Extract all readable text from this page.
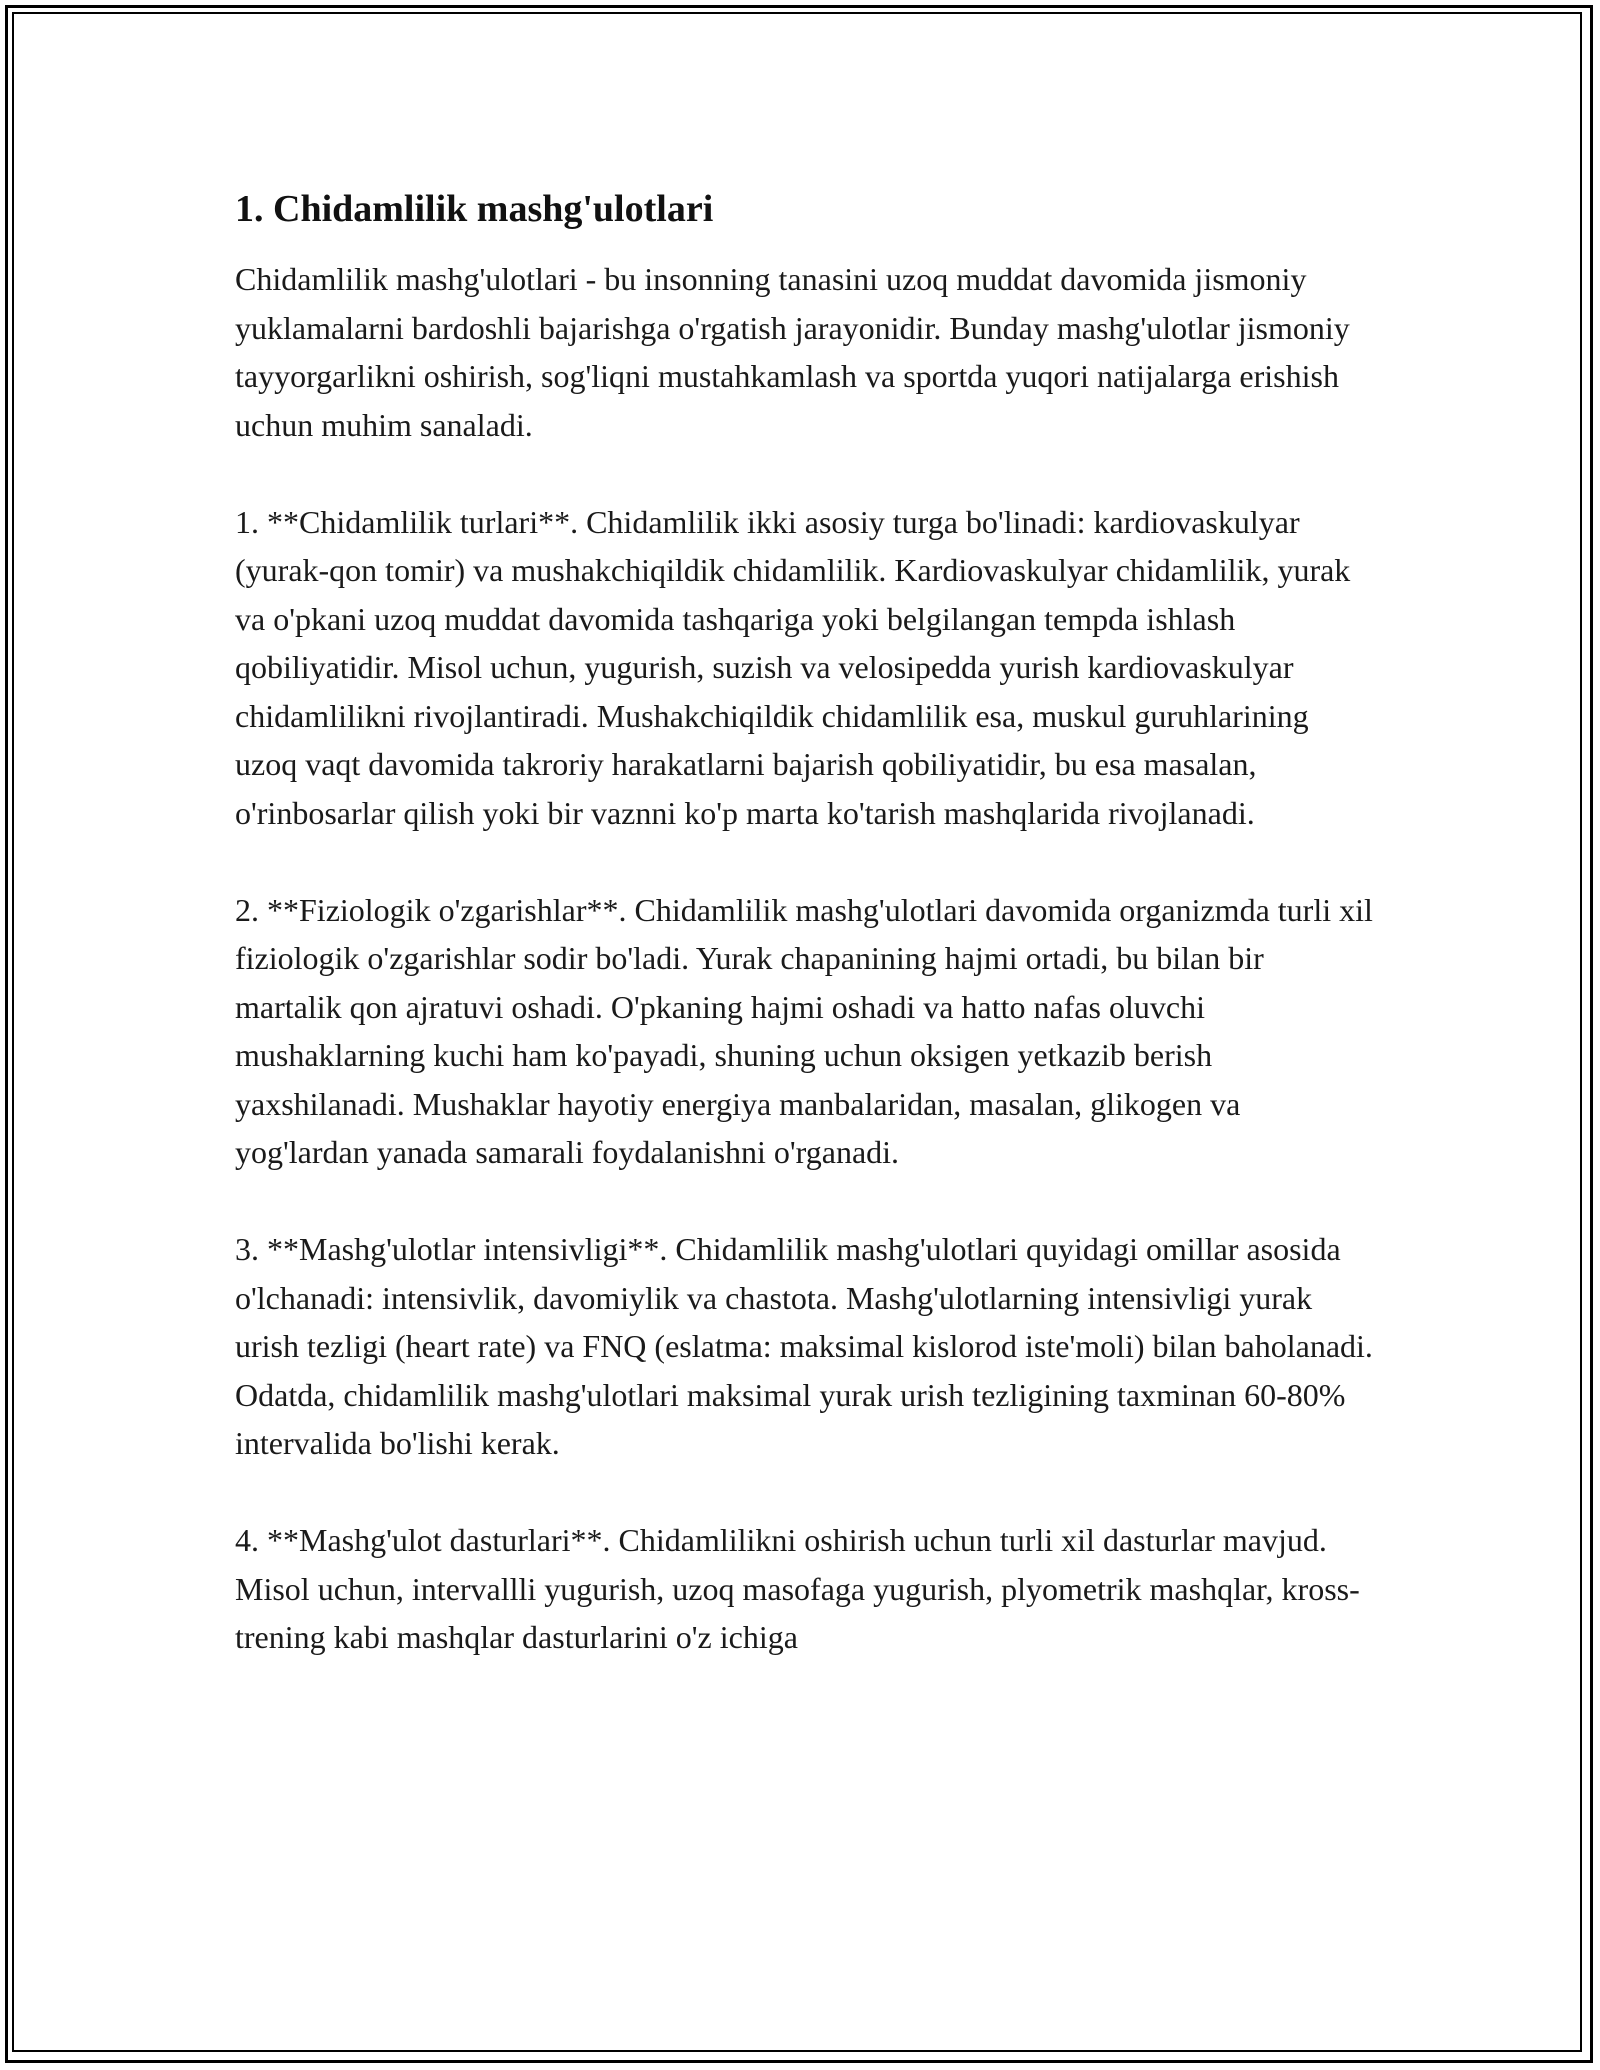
1. Chidamlilik mashg'ulotlari

Chidamlilik mashg'ulotlari - bu insonning tanasini uzoq muddat davomida jismoniy yuklamalarni bardoshli bajarishga o'rgatish jarayonidir. Bunday mashg'ulotlar jismoniy tayyorgarlikni oshirish, sog'liqni mustahkamlash va sportda yuqori natijalarga erishish uchun muhim sanaladi.

1. **Chidamlilik turlari**. Chidamlilik ikki asosiy turga bo'linadi: kardiovaskulyar (yurak-qon tomir) va mushakchiqildik chidamlilik. Kardiovaskulyar chidamlilik, yurak va o'pkani uzoq muddat davomida tashqariga yoki belgilangan tempda ishlash qobiliyatidir. Misol uchun, yugurish, suzish va velosipedda yurish kardiovaskulyar chidamlilikni rivojlantiradi. Mushakchiqildik chidamlilik esa, muskul guruhlarining uzoq vaqt davomida takroriy harakatlarni bajarish qobiliyatidir, bu esa masalan, o'rinbosarlar qilish yoki bir vaznni ko'p marta ko'tarish mashqlarida rivojlanadi.

2. **Fiziologik o'zgarishlar**. Chidamlilik mashg'ulotlari davomida organizmda turli xil fiziologik o'zgarishlar sodir bo'ladi. Yurak chapanining hajmi ortadi, bu bilan bir martalik qon ajratuvi oshadi. O'pkaning hajmi oshadi va hatto nafas oluvchi mushaklarning kuchi ham ko'payadi, shuning uchun oksigen yetkazib berish yaxshilanadi. Mushaklar hayotiy energiya manbalaridan, masalan, glikogen va yog'lardan yanada samarali foydalanishni o'rganadi.

3. **Mashg'ulotlar intensivligi**. Chidamlilik mashg'ulotlari quyidagi omillar asosida o'lchanadi: intensivlik, davomiylik va chastota. Mashg'ulotlarning intensivligi yurak urish tezligi (heart rate) va FNQ (eslatma: maksimal kislorod iste'moli) bilan baholanadi. Odatda, chidamlilik mashg'ulotlari maksimal yurak urish tezligining taxminan 60-80% intervalida bo'lishi kerak.

4. **Mashg'ulot dasturlari**. Chidamlilikni oshirish uchun turli xil dasturlar mavjud. Misol uchun, intervallli yugurish, uzoq masofaga yugurish, plyometrik mashqlar, kross-trening kabi mashqlar dasturlarini o'z ichiga
